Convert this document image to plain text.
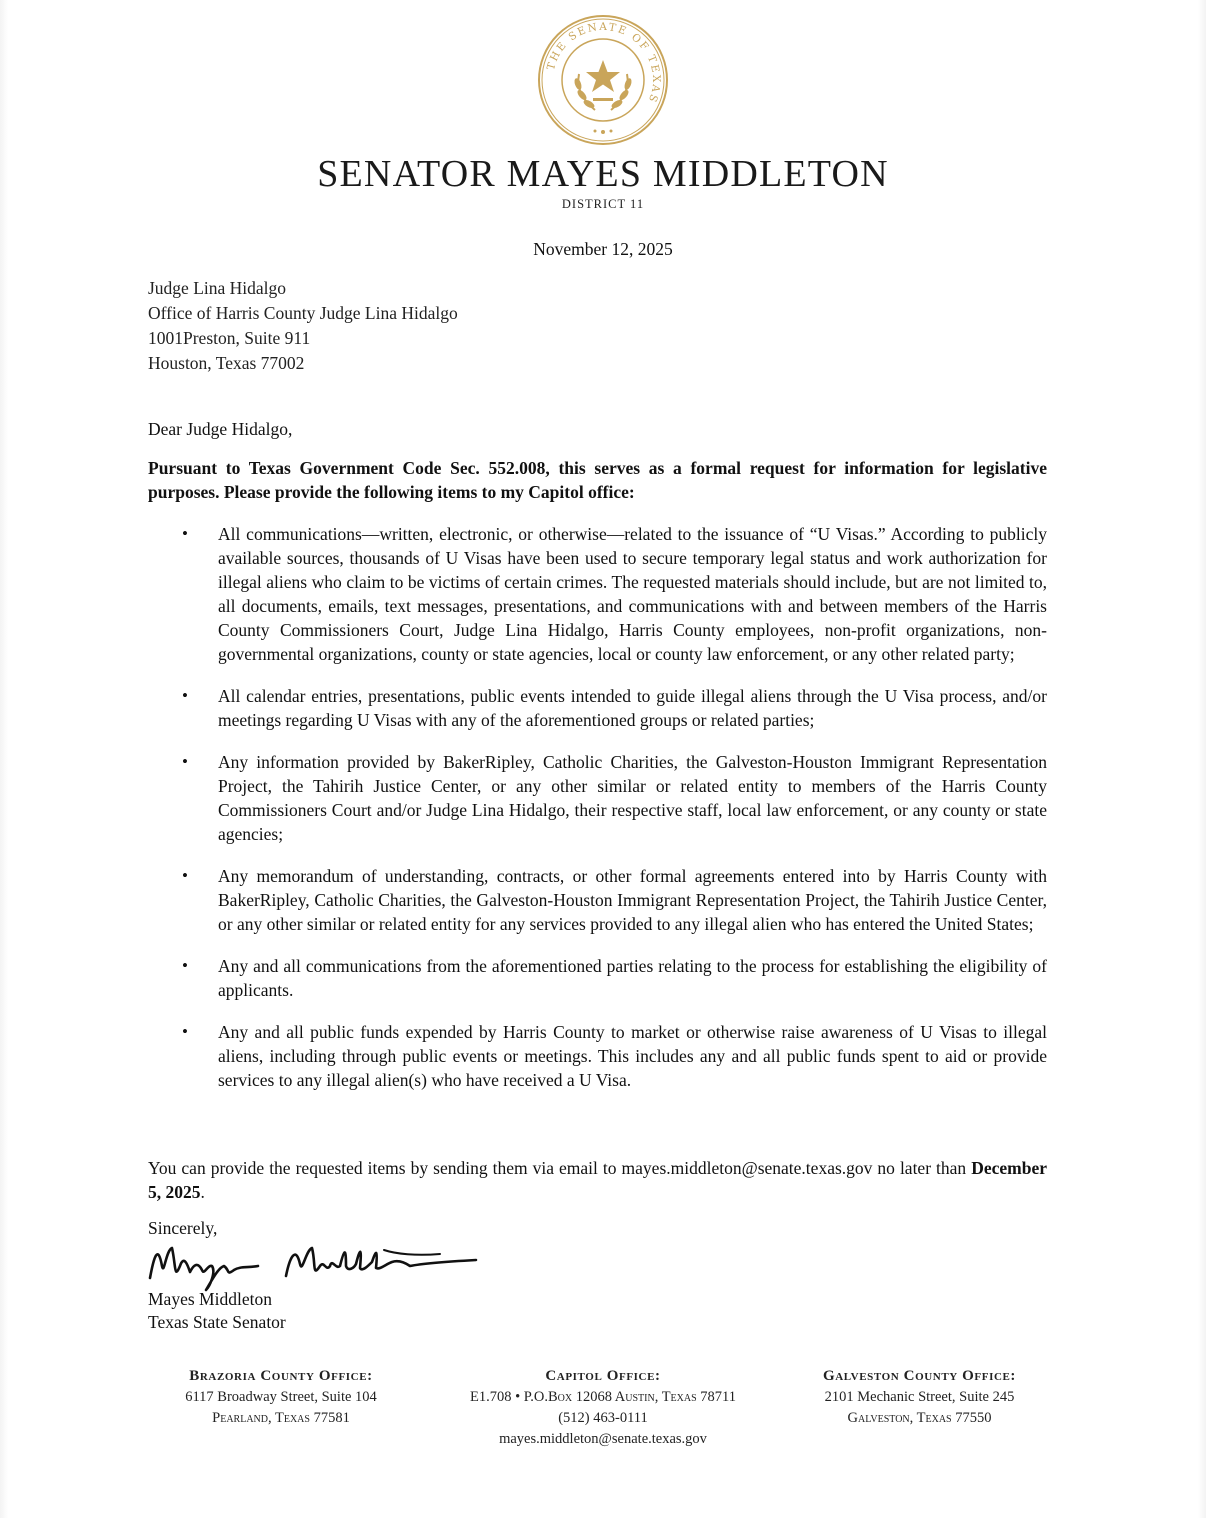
THE SENATE OF TEXAS
SENATOR MAYES MIDDLETON
DISTRICT 11
November 12, 2025
Judge Lina Hidalgo
Office of Harris County Judge Lina Hidalgo
1001Preston, Suite 911
Houston, Texas 77002
Dear Judge Hidalgo,
Pursuant to Texas Government Code Sec. 552.008, this serves as a formal request for information for legislative purposes. Please provide the following items to my Capitol office:
• All communications—written, electronic, or otherwise—related to the issuance of “U Visas.” According to publicly available sources, thousands of U Visas have been used to secure temporary legal status and work authorization for illegal aliens who claim to be victims of certain crimes. The requested materials should include, but are not limited to, all documents, emails, text messages, presentations, and communications with and between members of the Harris County Commissioners Court, Judge Lina Hidalgo, Harris County employees, non-profit organizations, non-governmental organizations, county or state agencies, local or county law enforcement, or any other related party;
• All calendar entries, presentations, public events intended to guide illegal aliens through the U Visa process, and/or meetings regarding U Visas with any of the aforementioned groups or related parties;
• Any information provided by BakerRipley, Catholic Charities, the Galveston-Houston Immigrant Representation Project, the Tahirih Justice Center, or any other similar or related entity to members of the Harris County Commissioners Court and/or Judge Lina Hidalgo, their respective staff, local law enforcement, or any county or state agencies;
• Any memorandum of understanding, contracts, or other formal agreements entered into by Harris County with BakerRipley, Catholic Charities, the Galveston-Houston Immigrant Representation Project, the Tahirih Justice Center, or any other similar or related entity for any services provided to any illegal alien who has entered the United States;
• Any and all communications from the aforementioned parties relating to the process for establishing the eligibility of applicants.
• Any and all public funds expended by Harris County to market or otherwise raise awareness of U Visas to illegal aliens, including through public events or meetings. This includes any and all public funds spent to aid or provide services to any illegal alien(s) who have received a U Visa.
You can provide the requested items by sending them via email to mayes.middleton@senate.texas.gov no later than December 5, 2025.
Sincerely,
Mayes Middleton
Texas State Senator
Brazoria County Office:
6117 Broadway Street, Suite 104
Pearland, Texas 77581
Capitol Office:
E1.708 • P.O.Box 12068 Austin, Texas 78711
(512) 463-0111
mayes.middleton@senate.texas.gov
Galveston County Office:
2101 Mechanic Street, Suite 245
Galveston, Texas 77550
